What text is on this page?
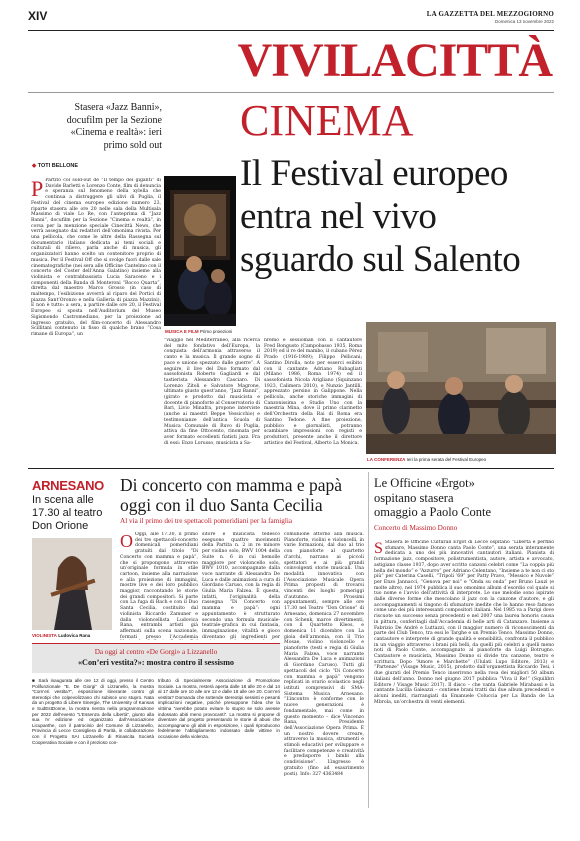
XIV	LA GAZZETTA DEL MEZZOGIORNO
Domenica 13 novembre 2022
VIVILACITTÀ
Stasera «Jazz Banni»,
docufilm per la Sezione
«Cinema e realtà»: ieri
primo sold out
◆ TOTI BELLONE
CINEMA
Il Festival europeo
entra nel vivo
sguardo sul Salento
MUSICA E FILM Primo proiezioni
LA CONFERENZA Ieri la prima serata del Festival Europeo
P Partito col sold-out de “Il tempo dei giganti” di Davide Barletti e Lorenzo Conte, film di denuncia e speranza sul fenomeno della xylella che continua a distruggere gli ulivi di Puglia, il Festival del cinema europeo edizione numero 23, riparte stasera alle ore 20 nelle sala della Multisala Massimo di viale Lo Re, con l’anteprima di “Jazz Banni”, docufilm per la Sezione “Cinema e realtà”, in corsa per la menzione speciale Cinecittà News, che verrà assegnato dai redattori dell’omonima rivista. Per una pellicola, che come le altre della Rassegna sul documentario italiano dedicata ai temi sociali e culturali di rilievo, parla anche di musica, gli organizzatori hanno scelto un contenitore proprio di musica. Per il Festival Off che si svolge fuori dalle sale cinematografiche (nei sera alle Officine Cantelmo con il concerto del Coster dell’Anna Galatino) insieme alla violinista e contrabbassista Lucia Saraceno e i componenti della Banda di Monteroni “Rocco Quarta”, diretta dal maestro Marco Grosso (in caso di maltempo, l’esibizione avverrà al riparo del Portici di piazza Sant’Oronzo e nella Galleria di piazza Mazzini). E non è tutto: a sera, a partire dalle ore 20, il Festival Europeo si sposta nell’Auditorium del Museo Sigismondo Castromediano, per la proiezione ad ingresso gratuito, del film-concerto di Alessandro Scillitani contenuto in fisso di qualche brano “Cosa rimane di Europa”, un
“viaggio nel Mediterraneo, alla ricerca del mito fondativo dell’Europa, la conquista dell’armonia attraverso il canto e la musica. Il grande sogno di pace e unione spezzato dalle guerre”. A seguire, il live del Duo formato dal sassofonista Roberto Gagliardi e dal tastierista Alessandro Casciaro. Di Lorenzo Zitoli e Salvatore Magrone, ultimato giusto quest’anno, “Jazz Banni”, (girato e prodotto dal musicista e docente di pianoforte al Conservatorio di Bari, Livio Minafra, propone interviste (anche ai maestri Beppe Vessicchio) e testimonianze dell’antica Scuola di Musica Comunale di Ruvo di Puglia, attiva da fine Ottocento, rinomata per aver formato eccellenti fiatisti jazz. Fra di essi: Enzo Lorusso, musicista a Sa-
nremo e sessioman con il cantautore Fred Bongusto (Campobasso 1935, Roma 2019) ed il re del mambo, il cubano Pérez Prado (1916-1989); Filippo Pellicani; Santino Dirolla, noto per esserci esibito con il cantante Adriano Rubagliati (Milano 1986, Roma 1974) ed il sassofonista Nicola Arigliano (Squinzano 1923, Calimera 2010), e Nunzio Jantilli, apprezzato persino in Galippone. Nella pellicola, anche storiche immagini di Canzonissima e Studio Uno con la maestria Mina, dove il primo clarinetto dell’Orchestra della Rai di Roma era Santino Tedone. A fine proiezione, pubblico e giornalisti, potranno scambiare impressioni con registi e produttori, presente anche il direttore artistico del Festival, Alberto La Monica.
ARNESANO
In scena alle
17.30 al teatro
Don Orione
VIOLINISTA Ludovica Rana
Di concerto con mamma e papà
oggi con il duo Santa Cecilia
Al via il primo dei tre spettacoli pomeridiani per la famiglia
O Oggi, alle 17.30, il primo dei tre spettacoli-concerto domenicali pomeridiani gratuiti dal titolo “Di Concerto con mamma e papà”, che si propongono attraverso un’originale formula in stile cartoon, insieme alla narrazione e alla proiezione di immagini, mostre live e dei loro pubblico maggior, raccontando le storie dei grandi compositori. Si parte con La fuga di Bach e con il Duo Santa Cecilia, costituito dal violinista Riccardo Zamuner e dalla violoncellista Ludovica Rana, entrambi artisti già affermati sulla scena nazionale, formati presso l’Accademia
sitore e musicista tedesco eseguono quattro movimenti della Partita n. 2 in re minore per violino solo, BWV 1004 della Suite n. 6 in cui bemolle maggiore per violoncello solo, BWV 1010, accompagnate dalla voce narrante di Alessandra De Luca e dalle animazioni a cura di Giordano Caruso, con la regia di Giulia Maria Falzea. È questa, infatti, l’originalità della rassegna “Di Concerto con mamma e papà”: ogni appuntamento è strutturato secondo una formula musicale-teatrale-grafica in cui fantasia, immaginazione, vitalità e gioco diventano gli ingredienti per
comunione attorno alla musica. Pianoforte, violini e violoncelli, in varie formazioni, dal duo al trio con pianoforte al quartetto d’archi, narrano ai piccoli spettatori e ai più grandi coinvolgenti storie musicali. Una modalità innovativa con l’Associazione Musicale Opera Prima proposti di trovarsi vincenti dei luoghi pomeriggi d’autunno. Prossimi appuntamenti, sempre alle ore 17.30 nel Teatro “Don Orione” di Arnesano, domenica 27 novembre con Schenk, marce divertimenti, con il Quartetto Kleos, e domenica 11 dicembre con La gioia dell’armonia, con il Trio Mosae, violino violoncello e pianoforte (testi e regia di Giulia Maria Falzea, voce narrante Alessandra De Luca e animazioni di Giordano Caruso). Tutti gli spettacoli del ciclo “Di Concerto con mamma e papà” vengono replicati in orario scolastico negli istituti comprensivi di SMA-Sistema Musica Arnesano. “L’incontro è conforme con le nuove generazioni è fondamentale, mai come in questo momento – dice Vincenzo Rana, Presidente dell’Associazione Opera Prima. È un nostro dovere creare, attraverso la musica, strumenti e stimoli educativi per sviluppare e facilitare competenze e creatività e predisporre i bimbi alla condivisione”. L’ingresso è gratuito (fino ad esaurimento posti). Info: 327 4363484
Da oggi al centro «De Gorgi» a Lizzanello
«Con’eri vestita?»: mostra contro il sessismo
■ Sarà inaugurata alle ore 12 di oggi, presso il Centro Polifunzionale “E. De Giorgi” di Lizzanello, la mostra “Com’eri vestita?”, esposizione itinerante contro gli stereotipi che colpevolizzano chi subisce uno stupro. Nata da un progetto di Libere Sinergie, The University of Kansas e SudEstDonne, la mostra rientra nella programmazione per 2022 dell’evento “L’Essenza della Libertà”, giunto alla sua IV edizione ed organizzato dall’Associazione Licupanthe, con il patrocinio del Comune di Lizzanello, Provincia di Lecce Consigliera di Parità, in collaborazione con il Progetto SAI Lizzanello di Rinascita Società Cooperativa Sociale e con il prezioso con-
tributo di Specialmente Associazione di Promozione Sociale. La mostra, resterà aperta dalle 18 alle 20 e dal 14 al 17 dalle ore 10 alle ore 12 e dalle 18 alle ore 20. Com’eri vestita? Domanda che sottende stereotipi sessisti e pesanti implicazioni negative, poiché presuppone l’idea che la vittima “avrebbe potuto evitare lo stupro se solo avesse indossato abiti meno provocanti”. La mostra si propone di diventare dal progetto presentando le storie di abusi che accompagnano gli abiti in esposizione, i quali riproducono fedelmente l’abbigliamento indossato dalle vittime in occasione della violenza.
Le Officine «Ergot»
ospitano stasera
omaggio a Paolo Conte
Concerto di Massimo Donno
S Stasera le Officine Culturali Ergot di Lecce ospitano “Libertà e perfino sfumare, Massimo Donno canta Paolo Conte”, una serata interamente dedicata a uno dei più innovativi cantautori italiani. Pianista di formazione jazz, compositore, polistrumentista, autore, artista e avvocato, astigiano classe 1937, dopo aver scritto canzoni celebri come “La coppia più bella del mondo” e “Azzurro” per Adriano Celentano, “Insieme a te non ci sto più” per Caterina Caselli, “Tripoli ’69” per Patty Pravo, “Messico e Nuvole” per Enzo Jannacci, “Genova per noi” e “Onda su onda” per Bruno Lauzi (e molte altre), nel 1974 pubblica il suo omonimo album d’esordio col quale si tuo nome e l’avvio dell’attività di interprete. Le sue melodie sono ispirate dalle diverse forme che mescolano il jazz con la canzone d’autore, e gli accompagnamenti si tingono di sfumature inedite che lo hanno reso famoso come uno dei più interessanti compositori italiani. Nel 1985 va a Parigi dove riscuote un successo senza precedenti e nel 2007 una laurea honoris causa in pittura, conferitagli dall’Accademia di belle arti di Catanzaro. Insieme a Fabrizio De André e Luttazzi, con il maggior numero di riconoscimenti da parte del Club Tenco, tra essi le Targhe e un Premio Tenco. Massimo Donno, cantautore e interprete di grande qualità e sensibilità, confronta il pubblico in un viaggio attraverso i brani più belli, da quelli più celebri a quelli meno noti di Paolo Conte, accompagnato al pianoforte da Luigi Botrugno. Cantautore e musicista, Massimo Donno si divide tra canzone, teatro e scrittura. Dopo “Amore e Marchette” (Ululati Lupo Editore, 2013) e “Partenze” (Visage Music, 2015), prodotto dall’organettista Riccardo Tesi, i due giurati del Premio Tenco inserirono nella rosa dei migliori 50 album italiani dell’anno. Donno nel giugno 2017 pubblica “Viva il Re!” (Squilibri Editore / Visage Music 2017). Il disco – che vanta Gabriele Mirabassi e la cantante Lucilla Galeazzi – contiene brani tratti dai due album precedenti e alcuni inediti, riarrangiati da Emanuele Coluccia per La Banda de La Mbrola, un’orchestra di venti elementi.
